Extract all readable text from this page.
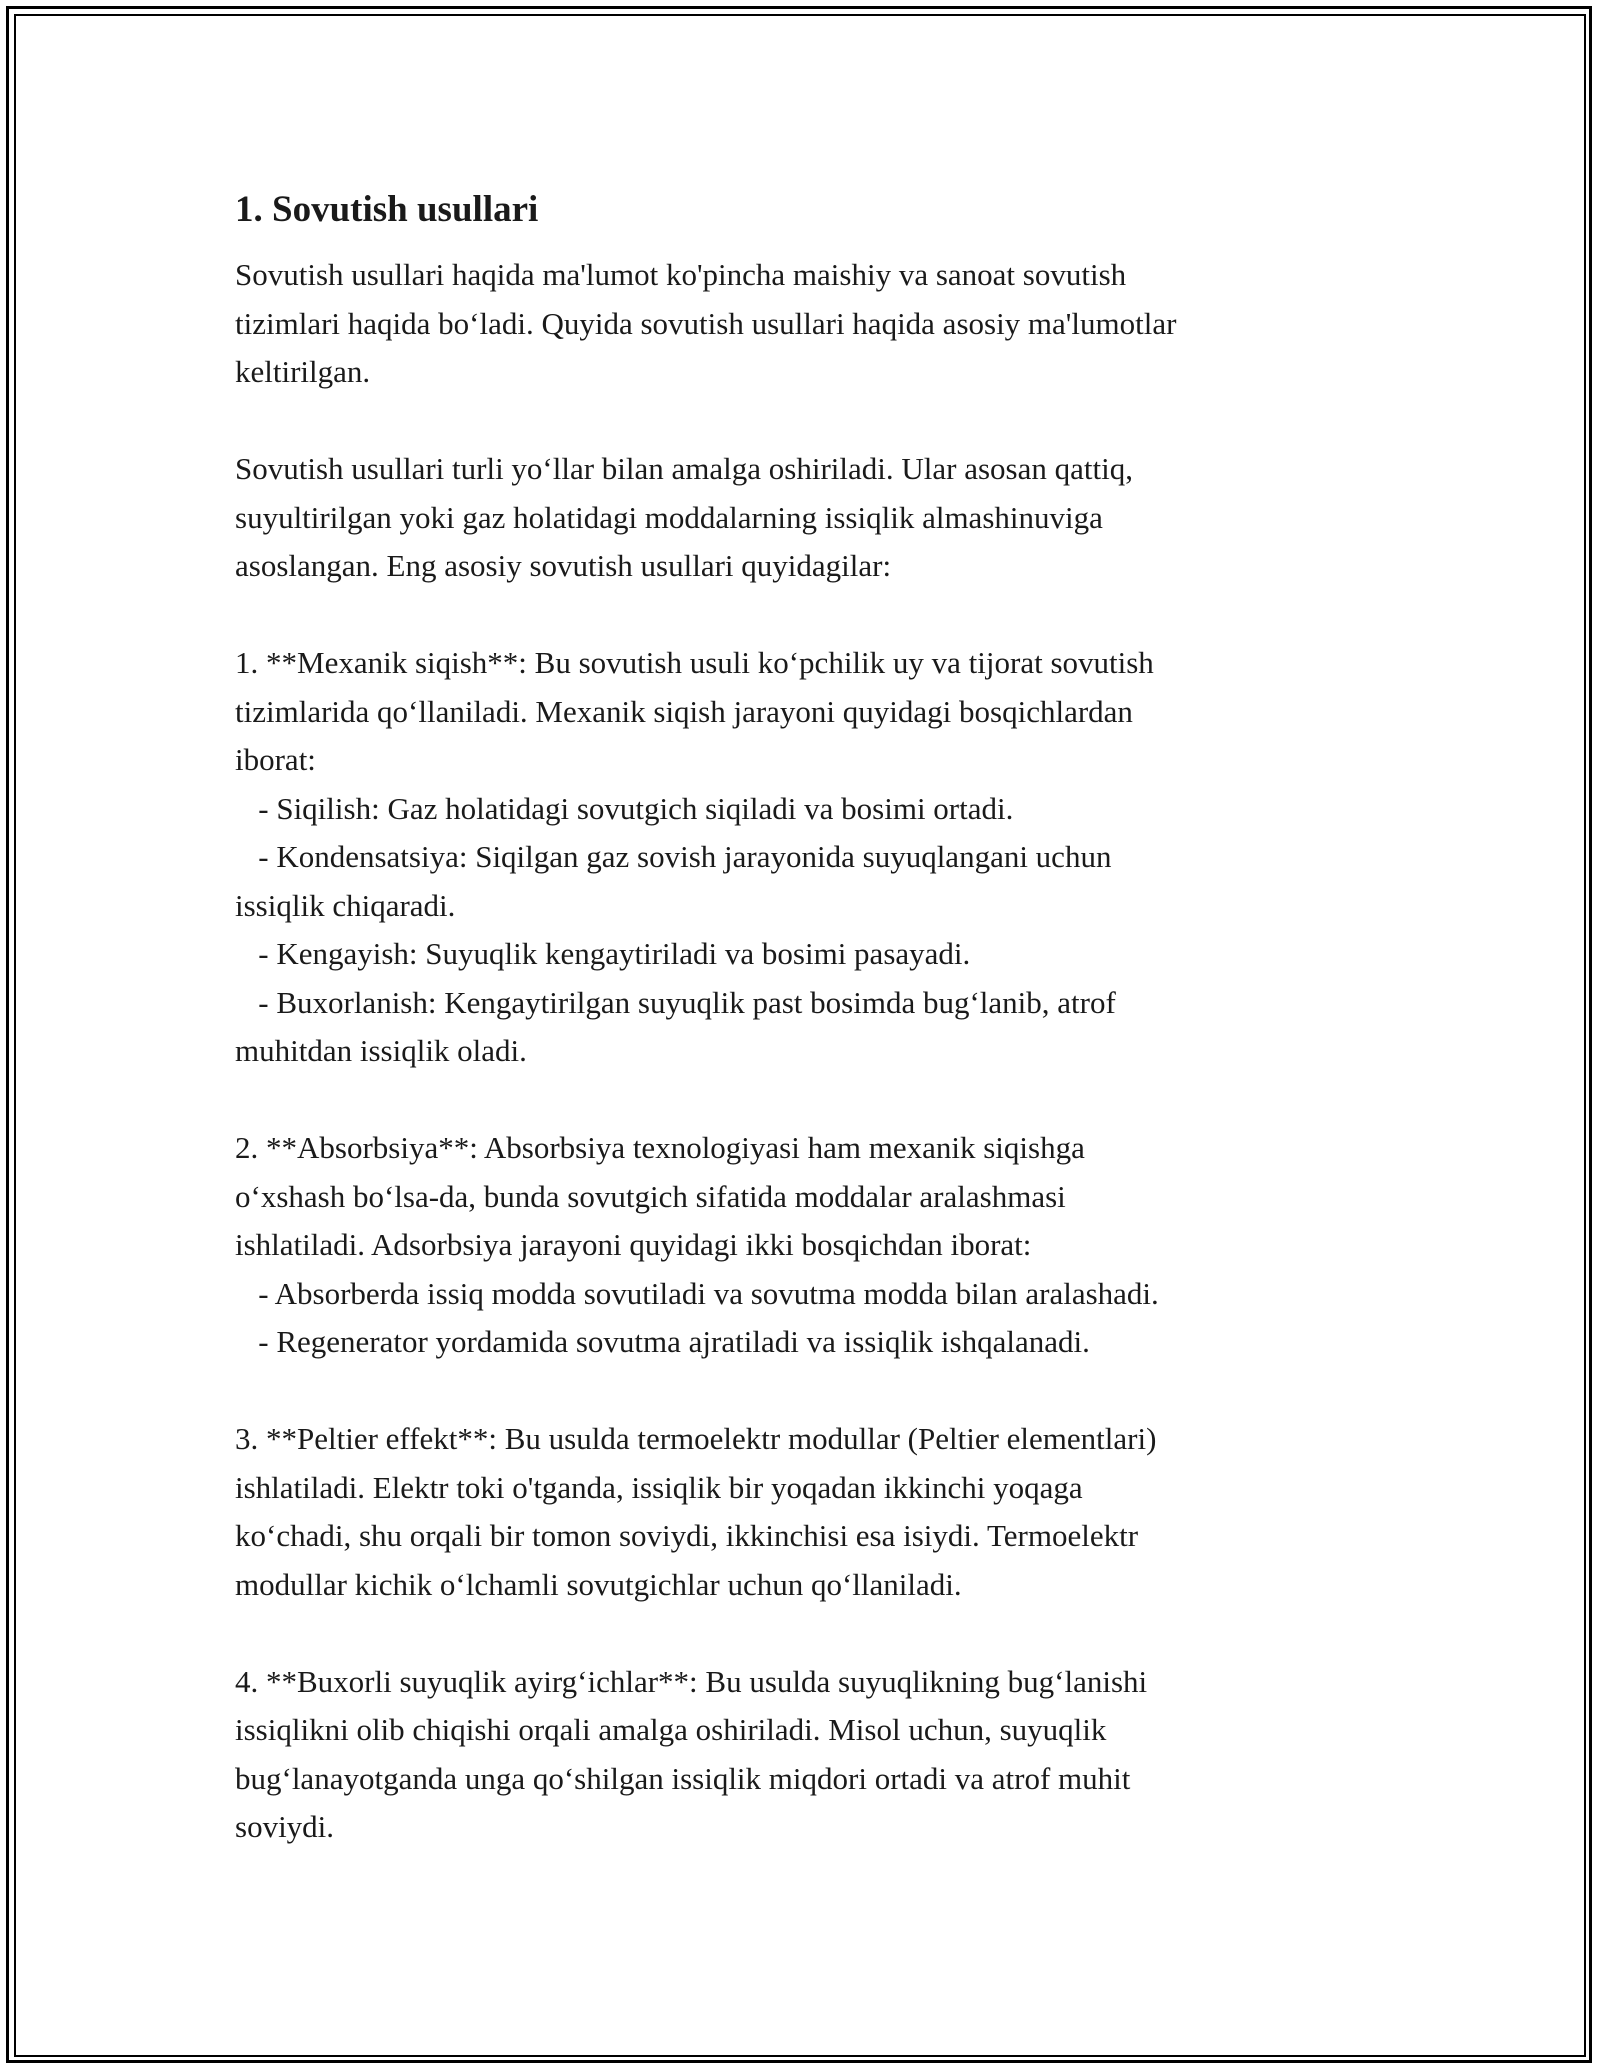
1. Sovutish usullari

Sovutish usullari haqida ma'lumot ko'pincha maishiy va sanoat sovutish
tizimlari haqida bo‘ladi. Quyida sovutish usullari haqida asosiy ma'lumotlar
keltirilgan.

Sovutish usullari turli yo‘llar bilan amalga oshiriladi. Ular asosan qattiq,
suyultirilgan yoki gaz holatidagi moddalarning issiqlik almashinuviga
asoslangan. Eng asosiy sovutish usullari quyidagilar:

1. **Mexanik siqish**: Bu sovutish usuli ko‘pchilik uy va tijorat sovutish
tizimlarida qo‘llaniladi. Mexanik siqish jarayoni quyidagi bosqichlardan
iborat:
- Siqilish: Gaz holatidagi sovutgich siqiladi va bosimi ortadi.
- Kondensatsiya: Siqilgan gaz sovish jarayonida suyuqlangani uchun
issiqlik chiqaradi.
- Kengayish: Suyuqlik kengaytiriladi va bosimi pasayadi.
- Buxorlanish: Kengaytirilgan suyuqlik past bosimda bug‘lanib, atrof
muhitdan issiqlik oladi.

2. **Absorbsiya**: Absorbsiya texnologiyasi ham mexanik siqishga
o‘xshash bo‘lsa-da, bunda sovutgich sifatida moddalar aralashmasi
ishlatiladi. Adsorbsiya jarayoni quyidagi ikki bosqichdan iborat:
- Absorberda issiq modda sovutiladi va sovutma modda bilan aralashadi.
- Regenerator yordamida sovutma ajratiladi va issiqlik ishqalanadi.

3. **Peltier effekt**: Bu usulda termoelektr modullar (Peltier elementlari)
ishlatiladi. Elektr toki o'tganda, issiqlik bir yoqadan ikkinchi yoqaga
ko‘chadi, shu orqali bir tomon soviydi, ikkinchisi esa isiydi. Termoelektr
modullar kichik o‘lchamli sovutgichlar uchun qo‘llaniladi.

4. **Buxorli suyuqlik ayirg‘ichlar**: Bu usulda suyuqlikning bug‘lanishi
issiqlikni olib chiqishi orqali amalga oshiriladi. Misol uchun, suyuqlik
bug‘lanayotganda unga qo‘shilgan issiqlik miqdori ortadi va atrof muhit
soviydi.
